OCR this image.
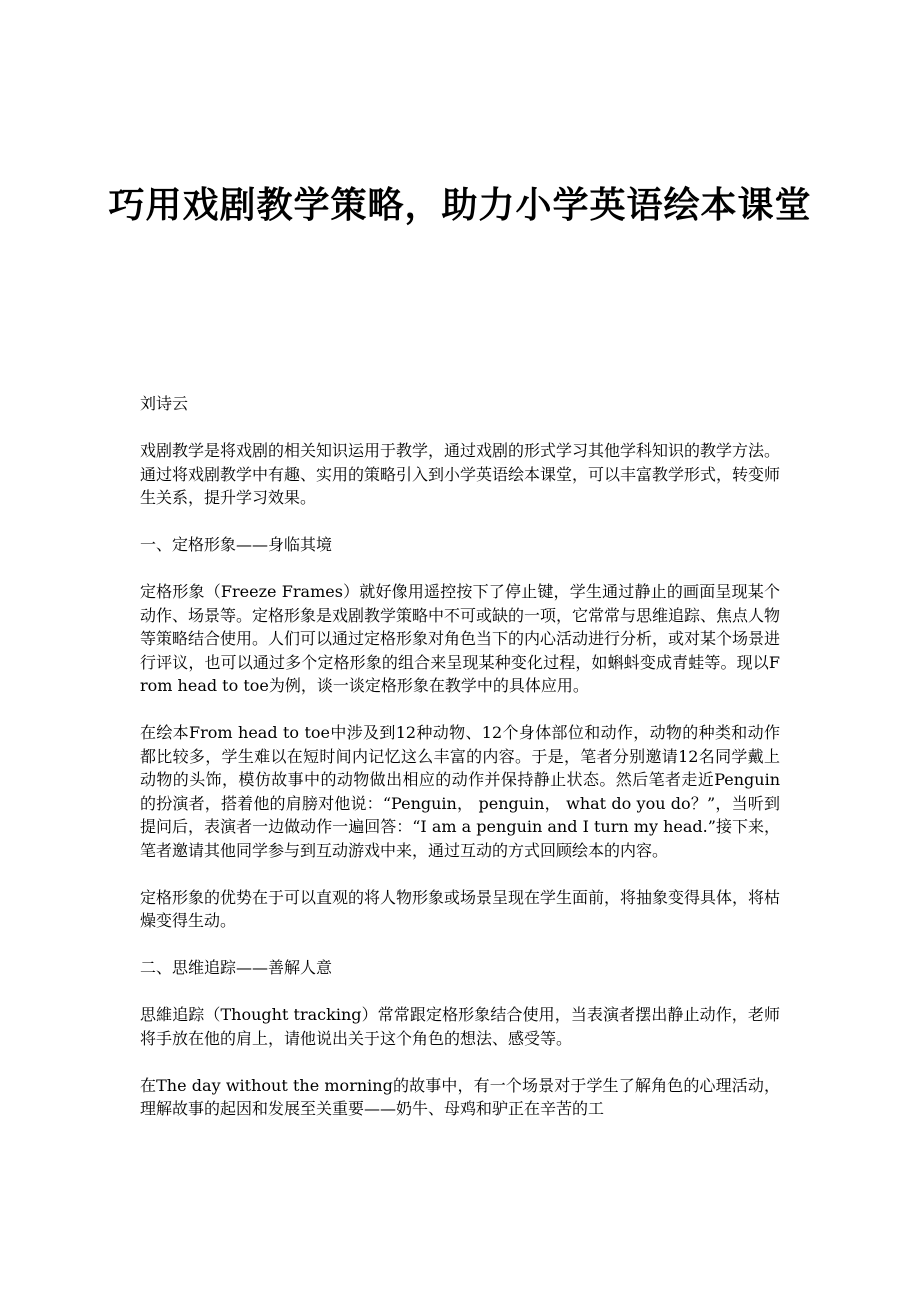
巧用戏剧教学策略，助力小学英语绘本课堂

刘诗云

戏剧教学是将戏剧的相关知识运用于教学，通过戏剧的形式学习其他学科知识的教学方法。通过将戏剧教学中有趣、实用的策略引入到小学英语绘本课堂，可以丰富教学形式，转变师生关系，提升学习效果。

一、定格形象——身临其境

定格形象（Freeze Frames）就好像用遥控按下了停止键，学生通过静止的画面呈现某个动作、场景等。定格形象是戏剧教学策略中不可或缺的一项，它常常与思维追踪、焦点人物等策略结合使用。人们可以通过定格形象对角色当下的内心活动进行分析，或对某个场景进行评议，也可以通过多个定格形象的组合来呈现某种变化过程，如蝌蚪变成青蛙等。现以From head to toe为例，谈一谈定格形象在教学中的具体应用。

在绘本From head to toe中涉及到12种动物、12个身体部位和动作，动物的种类和动作都比较多，学生难以在短时间内记忆这么丰富的内容。于是，笔者分别邀请12名同学戴上动物的头饰，模仿故事中的动物做出相应的动作并保持静止状态。然后笔者走近Penguin的扮演者，搭着他的肩膀对他说：“Penguin， penguin， what do you do？”，当听到提问后，表演者一边做动作一遍回答：“I am a penguin and I turn my head.”接下来，笔者邀请其他同学参与到互动游戏中来，通过互动的方式回顾绘本的内容。

定格形象的优势在于可以直观的将人物形象或场景呈现在学生面前，将抽象变得具体，将枯燥变得生动。

二、思维追踪——善解人意

思維追踪（Thought tracking）常常跟定格形象结合使用，当表演者摆出静止动作，老师将手放在他的肩上，请他说出关于这个角色的想法、感受等。

在The day without the morning的故事中，有一个场景对于学生了解角色的心理活动，理解故事的起因和发展至关重要——奶牛、母鸡和驴正在辛苦的工
